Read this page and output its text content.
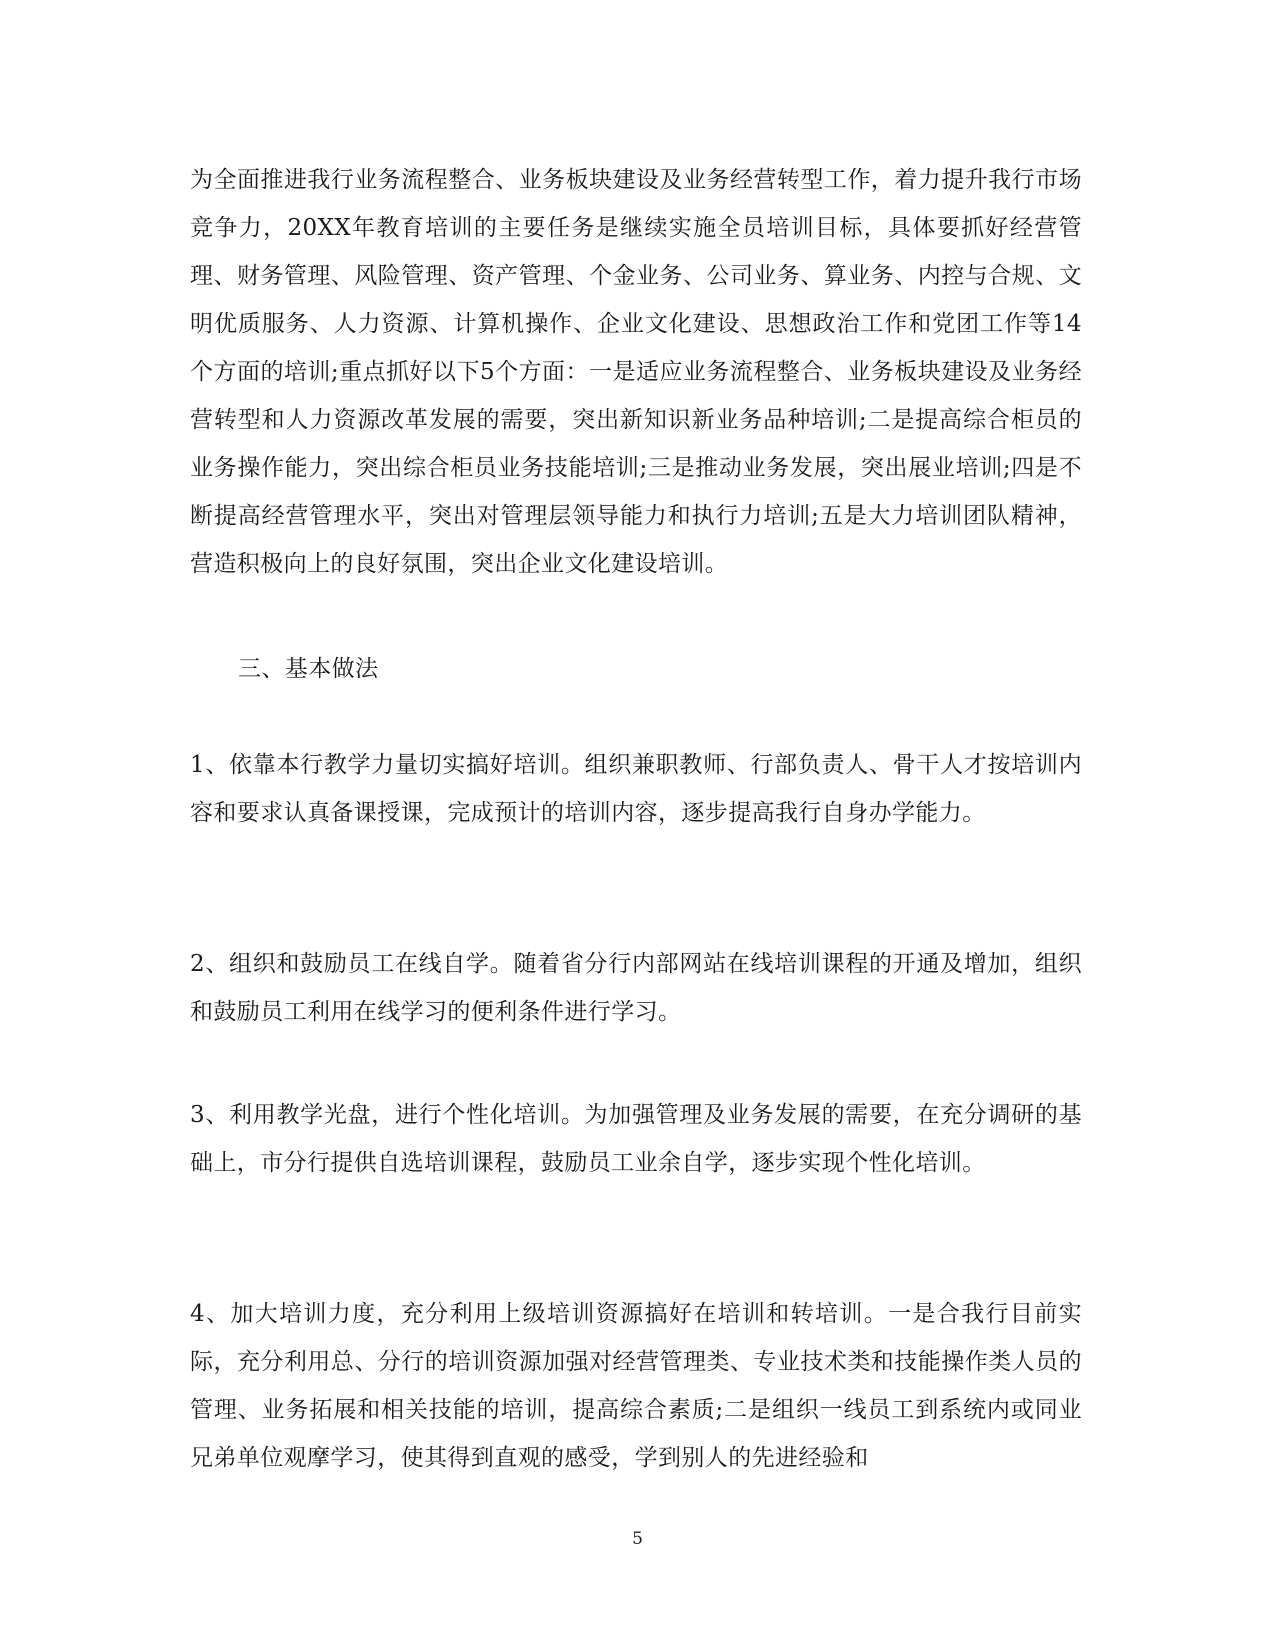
为全面推进我行业务流程整合、业务板块建设及业务经营转型工作，着力提升我行市场竞争力，20XX年教育培训的主要任务是继续实施全员培训目标，具体要抓好经营管理、财务管理、风险管理、资产管理、个金业务、公司业务、算业务、内控与合规、文明优质服务、人力资源、计算机操作、企业文化建设、思想政治工作和党团工作等14个方面的培训;重点抓好以下5个方面：一是适应业务流程整合、业务板块建设及业务经营转型和人力资源改革发展的需要，突出新知识新业务品种培训;二是提高综合柜员的业务操作能力，突出综合柜员业务技能培训;三是推动业务发展，突出展业培训;四是不断提高经营管理水平，突出对管理层领导能力和执行力培训;五是大力培训团队精神，营造积极向上的良好氛围，突出企业文化建设培训。

三、基本做法

1、依靠本行教学力量切实搞好培训。组织兼职教师、行部负责人、骨干人才按培训内容和要求认真备课授课，完成预计的培训内容，逐步提高我行自身办学能力。

2、组织和鼓励员工在线自学。随着省分行内部网站在线培训课程的开通及增加，组织和鼓励员工利用在线学习的便利条件进行学习。

3、利用教学光盘，进行个性化培训。为加强管理及业务发展的需要，在充分调研的基础上，市分行提供自选培训课程，鼓励员工业余自学，逐步实现个性化培训。

4、加大培训力度，充分利用上级培训资源搞好在培训和转培训。一是合我行目前实际，充分利用总、分行的培训资源加强对经营管理类、专业技术类和技能操作类人员的管理、业务拓展和相关技能的培训，提高综合素质;二是组织一线员工到系统内或同业兄弟单位观摩学习，使其得到直观的感受，学到别人的先进经验和

5
